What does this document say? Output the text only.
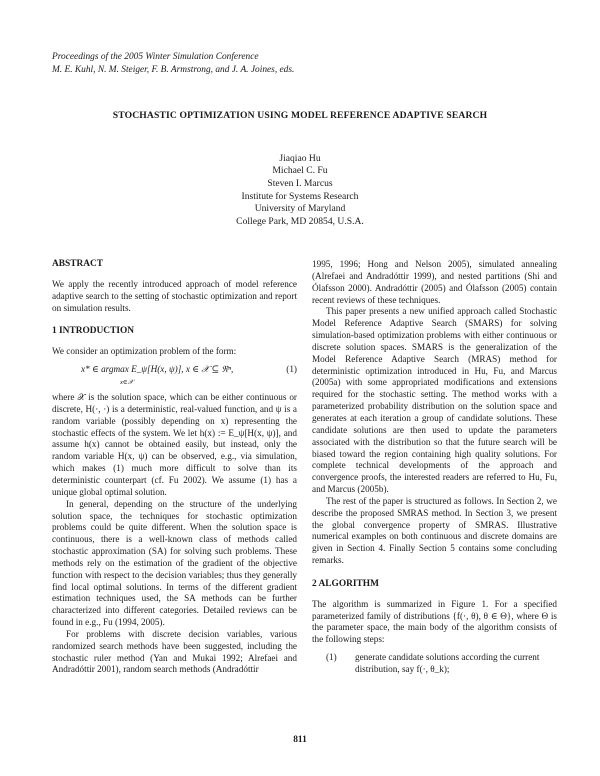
Proceedings of the 2005 Winter Simulation Conference
M. E. Kuhl, N. M. Steiger, F. B. Armstrong, and J. A. Joines, eds.
STOCHASTIC OPTIMIZATION USING MODEL REFERENCE ADAPTIVE SEARCH
Jiaqiao Hu
Michael C. Fu
Steven I. Marcus
Institute for Systems Research
University of Maryland
College Park, MD 20854, U.S.A.
ABSTRACT

We apply the recently introduced approach of model reference adaptive search to the setting of stochastic optimization and report on simulation results.

1 INTRODUCTION

We consider an optimization problem of the form:

x* ∈ argmax E_ψ[H(x, ψ)], x ∈ 𝒳 ⊆ ℜⁿ,
x∈𝒳
(1)

where 𝒳 is the solution space, which can be either continuous or discrete, H(·, ·) is a deterministic, real-valued function, and ψ is a random variable (possibly depending on x) representing the stochastic effects of the system. We let h(x) := E_ψ[H(x, ψ)], and assume h(x) cannot be obtained easily, but instead, only the random variable H(x, ψ) can be observed, e.g., via simulation, which makes (1) much more difficult to solve than its deterministic counterpart (cf. Fu 2002). We assume (1) has a unique global optimal solution.

In general, depending on the structure of the underlying solution space, the techniques for stochastic optimization problems could be quite different. When the solution space is continuous, there is a well-known class of methods called stochastic approximation (SA) for solving such problems. These methods rely on the estimation of the gradient of the objective function with respect to the decision variables; thus they generally find local optimal solutions. In terms of the different gradient estimation techniques used, the SA methods can be further characterized into different categories. Detailed reviews can be found in e.g., Fu (1994, 2005).

For problems with discrete decision variables, various randomized search methods have been suggested, including the stochastic ruler method (Yan and Mukai 1992; Alrefaei and Andradóttir 2001), random search methods (Andradóttir

1995, 1996; Hong and Nelson 2005), simulated annealing (Alrefaei and Andradóttir 1999), and nested partitions (Shi and Ólafsson 2000). Andradóttir (2005) and Ólafsson (2005) contain recent reviews of these techniques.

This paper presents a new unified approach called Stochastic Model Reference Adaptive Search (SMARS) for solving simulation-based optimization problems with either continuous or discrete solution spaces. SMARS is the generalization of the Model Reference Adaptive Search (MRAS) method for deterministic optimization introduced in Hu, Fu, and Marcus (2005a) with some appropriated modifications and extensions required for the stochastic setting. The method works with a parameterized probability distribution on the solution space and generates at each iteration a group of candidate solutions. These candidate solutions are then used to update the parameters associated with the distribution so that the future search will be biased toward the region containing high quality solutions. For complete technical developments of the approach and convergence proofs, the interested readers are referred to Hu, Fu, and Marcus (2005b).

The rest of the paper is structured as follows. In Section 2, we describe the proposed SMRAS method. In Section 3, we present the global convergence property of SMRAS. Illustrative numerical examples on both continuous and discrete domains are given in Section 4. Finally Section 5 contains some concluding remarks.

2 ALGORITHM

The algorithm is summarized in Figure 1. For a specified parameterized family of distributions {f(·, θ), θ ∈ Θ}, where Θ is the parameter space, the main body of the algorithm consists of the following steps:

(1) generate candidate solutions according the current distribution, say f(·, θ_k);

811
